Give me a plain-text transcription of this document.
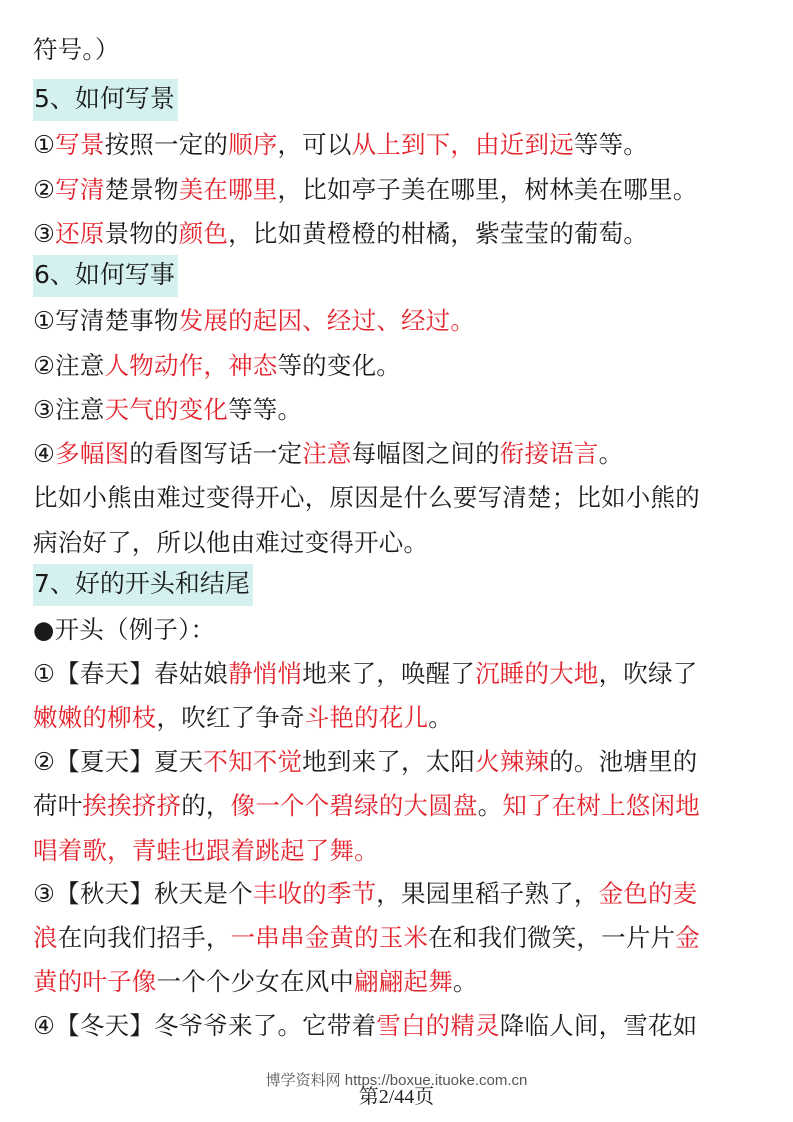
符号。）
5、如何写景
①写景按照一定的顺序，可以从上到下，由近到远等等。
②写清楚景物美在哪里，比如亭子美在哪里，树林美在哪里。
③还原景物的颜色，比如黄橙橙的柑橘，紫莹莹的葡萄。
6、如何写事
①写清楚事物发展的起因、经过、经过。
②注意人物动作，神态等的变化。
③注意天气的变化等等。
④多幅图的看图写话一定注意每幅图之间的衔接语言。
比如小熊由难过变得开心，原因是什么要写清楚；比如小熊的
病治好了，所以他由难过变得开心。
7、好的开头和结尾
●开头（例子）：
①【春天】春姑娘静悄悄地来了，唤醒了沉睡的大地，吹绿了
嫩嫩的柳枝，吹红了争奇斗艳的花儿。
②【夏天】夏天不知不觉地到来了，太阳火辣辣的。池塘里的
荷叶挨挨挤挤的，像一个个碧绿的大圆盘。知了在树上悠闲地
唱着歌，青蛙也跟着跳起了舞。
③【秋天】秋天是个丰收的季节，果园里稻子熟了，金色的麦
浪在向我们招手，一串串金黄的玉米在和我们微笑，一片片金
黄的叶子像一个个少女在风中翩翩起舞。
④【冬天】冬爷爷来了。它带着雪白的精灵降临人间，雪花如
博学资料网 https://boxue.ituoke.com.cn
第2/44页
